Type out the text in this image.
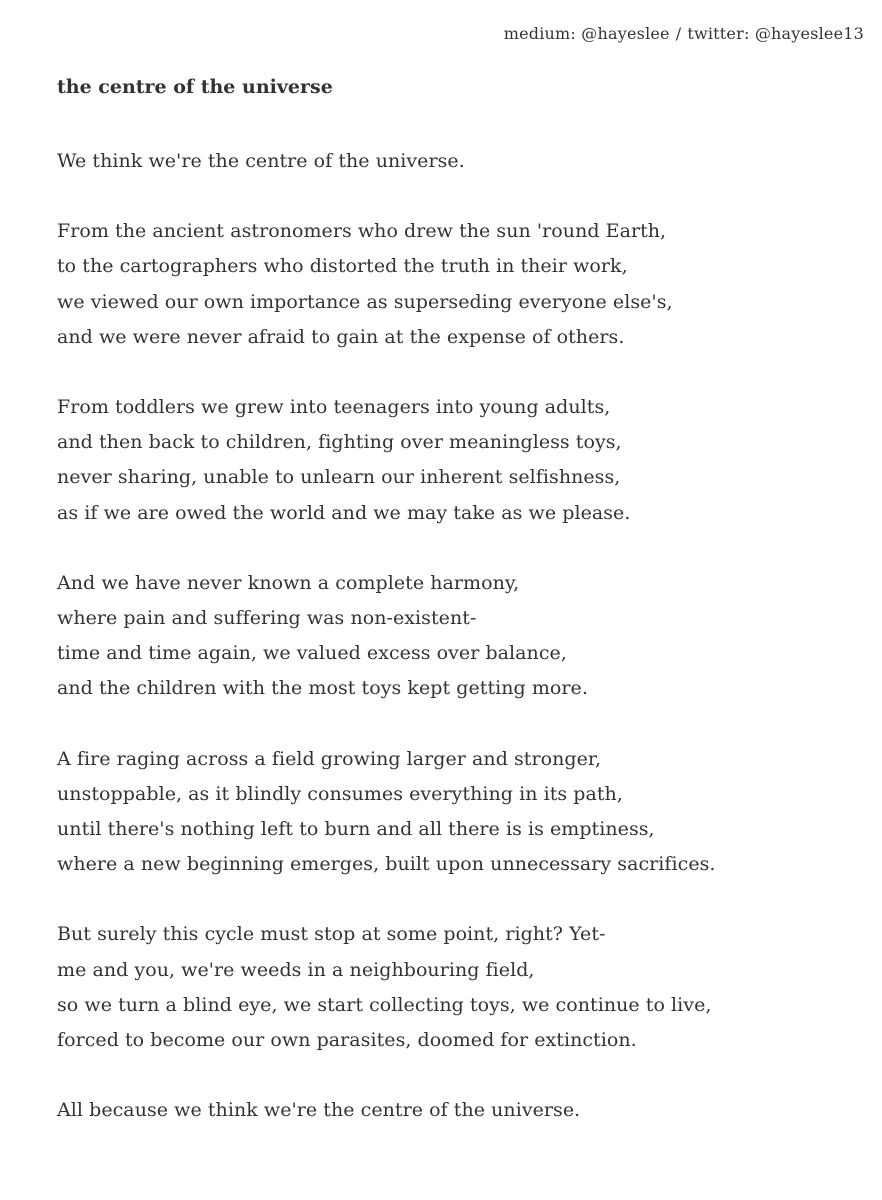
medium: @hayeslee / twitter: @hayeslee13
the centre of the universe
We think we're the centre of the universe.
From the ancient astronomers who drew the sun 'round Earth,
to the cartographers who distorted the truth in their work,
we viewed our own importance as superseding everyone else's,
and we were never afraid to gain at the expense of others.
From toddlers we grew into teenagers into young adults,
and then back to children, fighting over meaningless toys,
never sharing, unable to unlearn our inherent selfishness,
as if we are owed the world and we may take as we please.
And we have never known a complete harmony,
where pain and suffering was non-existent-
time and time again, we valued excess over balance,
and the children with the most toys kept getting more.
A fire raging across a field growing larger and stronger,
unstoppable, as it blindly consumes everything in its path,
until there's nothing left to burn and all there is is emptiness,
where a new beginning emerges, built upon unnecessary sacrifices.
But surely this cycle must stop at some point, right? Yet-
me and you, we're weeds in a neighbouring field,
so we turn a blind eye, we start collecting toys, we continue to live,
forced to become our own parasites, doomed for extinction.
All because we think we're the centre of the universe.
